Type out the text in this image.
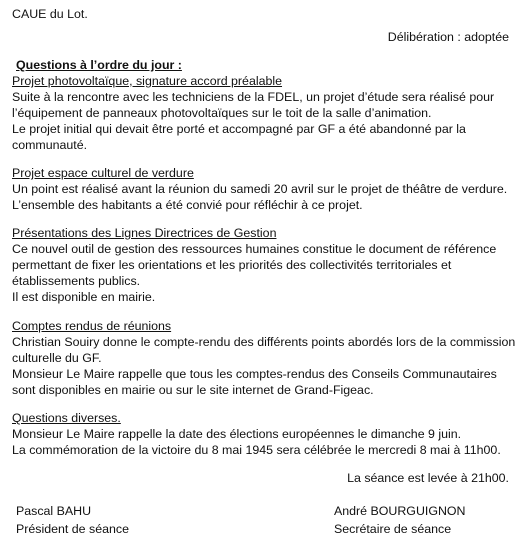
CAUE du Lot.
Délibération : adoptée
Questions à l’ordre du jour :
Projet photovoltaïque, signature accord préalable
Suite à la rencontre avec les techniciens de la FDEL, un projet d’étude sera réalisé pour
l’équipement de panneaux photovoltaïques sur le toit de la salle d’animation.
Le projet initial qui devait être porté et accompagné par GF a été abandonné par la
communauté.
Projet espace culturel de verdure
Un point est réalisé avant la réunion du samedi 20 avril sur le projet de théâtre de verdure.
L’ensemble des habitants a été convié pour réfléchir à ce projet.
Présentations des Lignes Directrices de Gestion
Ce nouvel outil de gestion des ressources humaines constitue le document de référence
permettant de fixer les orientations et les priorités des collectivités territoriales et
établissements publics.
Il est disponible en mairie.
Comptes rendus de réunions
Christian Souiry donne le compte-rendu des différents points abordés lors de la commission
culturelle du GF.
Monsieur Le Maire rappelle que tous les comptes-rendus des Conseils Communautaires
sont disponibles en mairie ou sur le site internet de Grand-Figeac.
Questions diverses.
Monsieur Le Maire rappelle la date des élections européennes le dimanche 9 juin.
La commémoration de la victoire du 8 mai 1945 sera célébrée le mercredi 8 mai à 11h00.
La séance est levée à 21h00.
Pascal BAHU
Président de séance
André BOURGUIGNON
Secrétaire de séance
